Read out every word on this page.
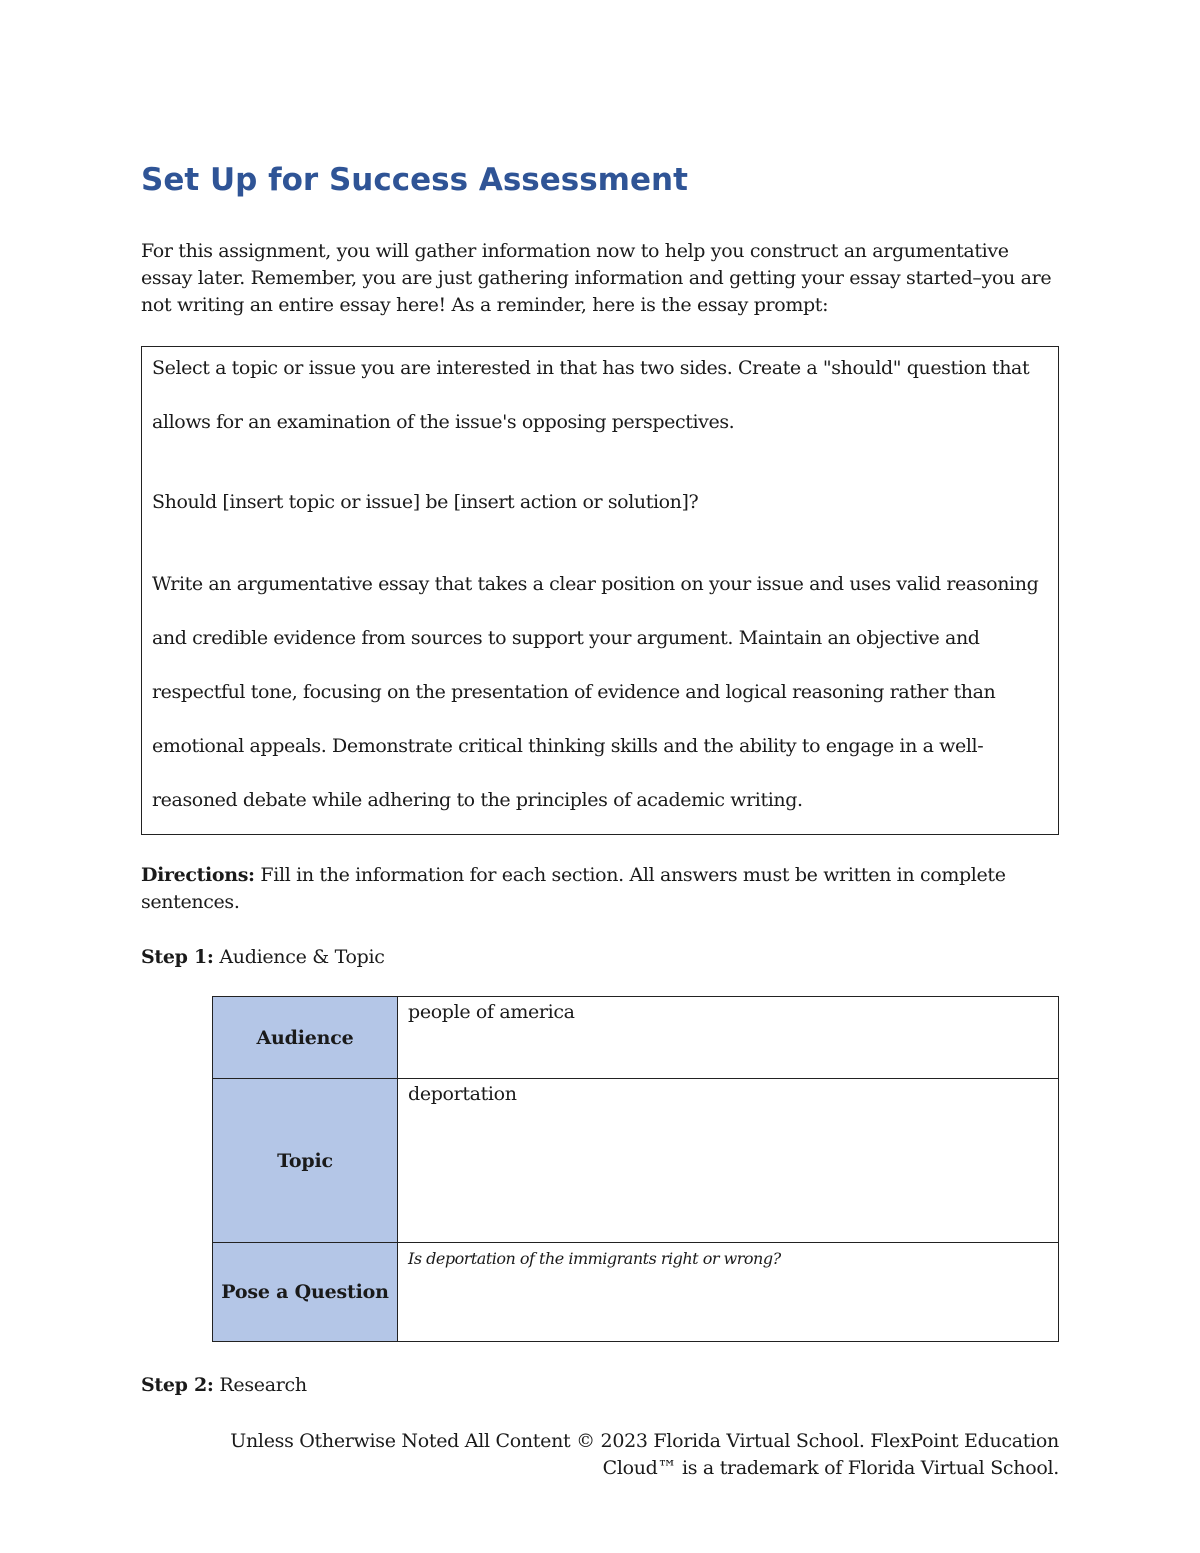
Set Up for Success Assessment

For this assignment, you will gather information now to help you construct an argumentative essay later. Remember, you are just gathering information and getting your essay started–you are not writing an entire essay here! As a reminder, here is the essay prompt:

Select a topic or issue you are interested in that has two sides. Create a "should" question that allows for an examination of the issue's opposing perspectives.

Should [insert topic or issue] be [insert action or solution]?

Write an argumentative essay that takes a clear position on your issue and uses valid reasoning and credible evidence from sources to support your argument. Maintain an objective and respectful tone, focusing on the presentation of evidence and logical reasoning rather than emotional appeals. Demonstrate critical thinking skills and the ability to engage in a well-reasoned debate while adhering to the principles of academic writing.

Directions: Fill in the information for each section. All answers must be written in complete sentences.

Step 1: Audience & Topic

Audience	people of america
Topic	deportation
Pose a Question	Is deportation of the immigrants right or wrong?

Step 2: Research

Unless Otherwise Noted All Content © 2023 Florida Virtual School. FlexPoint Education Cloud™ is a trademark of Florida Virtual School.
